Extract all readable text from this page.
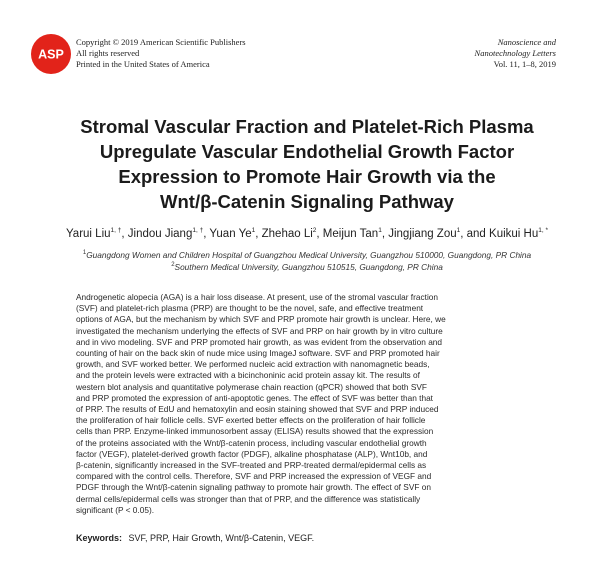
ASP
Copyright © 2019 American Scientific Publishers
All rights reserved
Printed in the United States of America
Nanoscience and
Nanotechnology Letters
Vol. 11, 1–8, 2019
Stromal Vascular Fraction and Platelet-Rich Plasma
Upregulate Vascular Endothelial Growth Factor
Expression to Promote Hair Growth via the
Wnt/β-Catenin Signaling Pathway
Yarui Liu$^{1, \dagger}$, Jindou Jiang$^{1, \dagger}$, Yuan Ye$^1$, Zhehao Li$^2$, Meijun Tan$^1$, Jingjiang Zou$^1$, and Kuikui $Hu^{1, *}$
$^1$Guangdong Women and Children Hospital of Guangzhou Medical University, Guangzhou 510000, Guangdong, PR China
$^2$Southern Medical University, Guangzhou 510515, Guangdong, PR China
Androgenetic alopecia (AGA) is a hair loss disease. At present, use of the stromal vascular fraction
(SVF) and platelet-rich plasma (PRP) are thought to be the novel, safe, and effective treatment
options of AGA, but the mechanism by which SVF and PRP promote hair growth is unclear. Here, we
investigated the mechanism underlying the effects of SVF and PRP on hair growth by in vitro culture
and in vivo modeling. SVF and PRP promoted hair growth, as was evident from the observation and
counting of hair on the back skin of nude mice using ImageJ software. SVF and PRP promoted hair
growth, and SVF worked better. We performed nucleic acid extraction with nanomagnetic beads,
and the protein levels were extracted with a bicinchoninic acid protein assay kit. The results of
western blot analysis and quantitative polymerase chain reaction (qPCR) showed that both SVF
and PRP promoted the expression of anti-apoptotic genes. The effect of SVF was better than that
of PRP. The results of EdU and hematoxylin and eosin staining showed that SVF and PRP induced
the proliferation of hair follicle cells. SVF exerted better effects on the proliferation of hair follicle
cells than PRP. Enzyme-linked immunosorbent assay (ELISA) results showed that the expression
of the proteins associated with the Wnt/β-catenin process, including vascular endothelial growth
factor (VEGF), platelet-derived growth factor (PDGF), alkaline phosphatase (ALP), Wnt10b, and
β-catenin, significantly increased in the SVF-treated and PRP-treated dermal/epidermal cells as
compared with the control cells. Therefore, SVF and PRP increased the expression of VEGF and
PDGF through the Wnt/β-catenin signaling pathway to promote hair growth. The effect of SVF on
dermal cells/epidermal cells was stronger than that of PRP, and the difference was statistically
significant (P < 0.05).
Keywords: SVF, PRP, Hair Growth, Wnt/β-Catenin, VEGF.
